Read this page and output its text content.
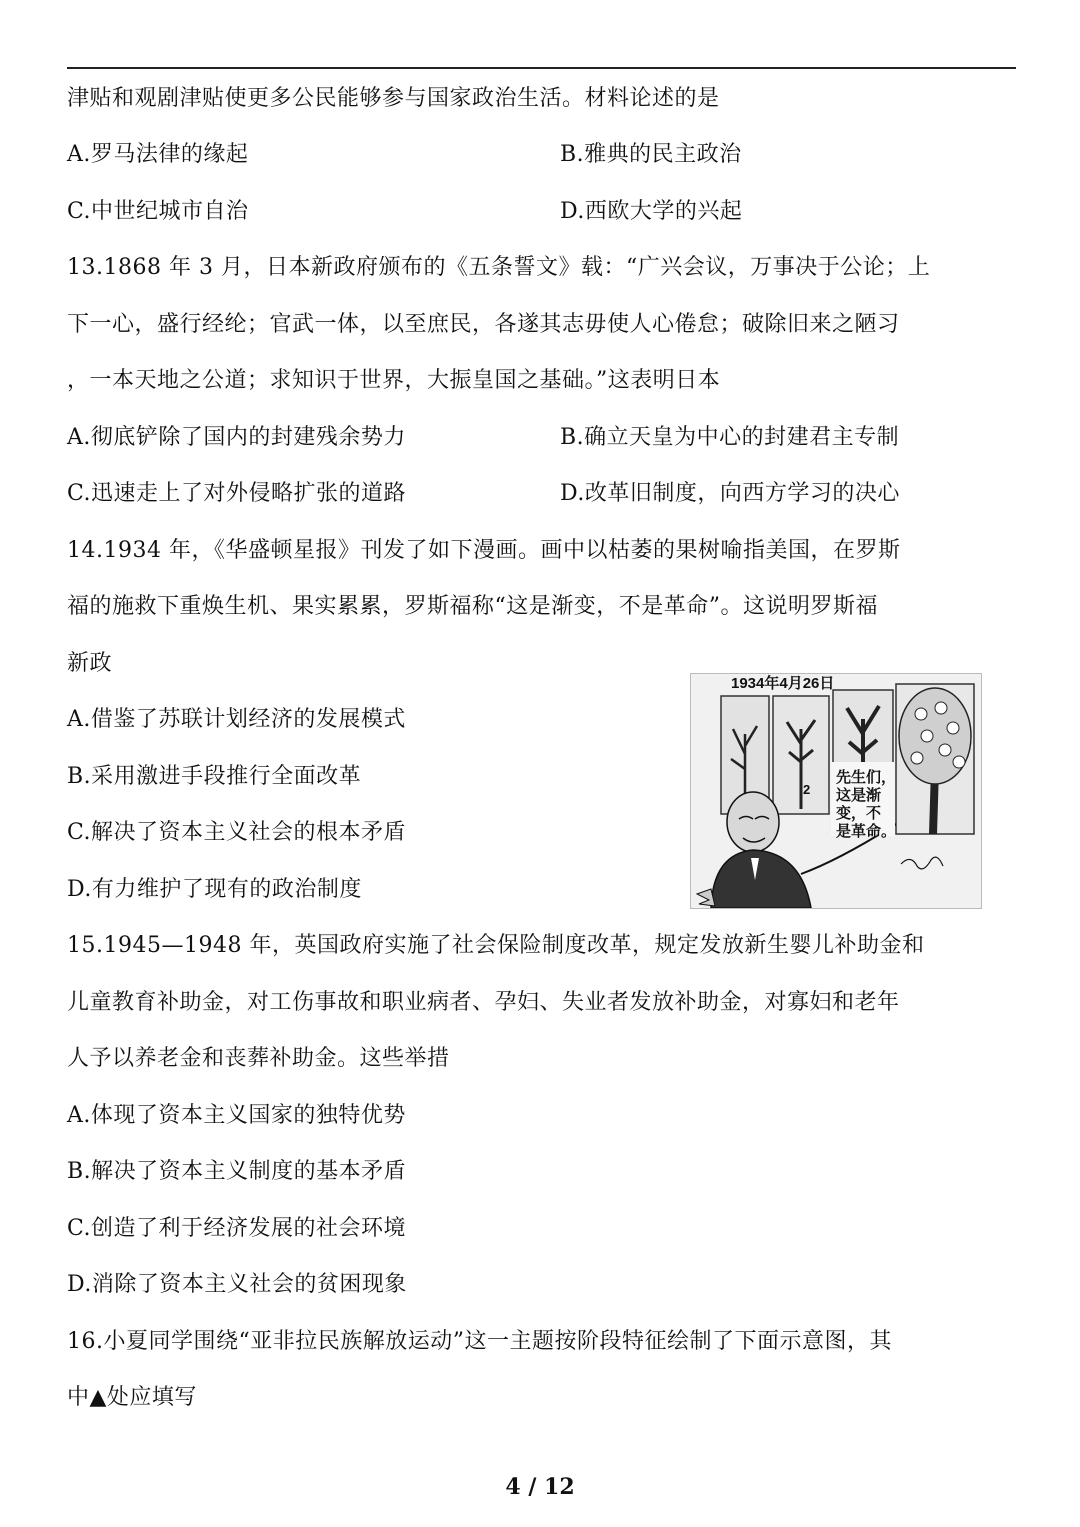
津贴和观剧津贴使更多公民能够参与国家政治生活。材料论述的是
A.罗马法律的缘起	B.雅典的民主政治
C.中世纪城市自治	D.西欧大学的兴起
13.1868 年 3 月，日本新政府颁布的《五条誓文》载：“广兴会议，万事决于公论；上
下一心，盛行经纶；官武一体，以至庶民，各遂其志毋使人心倦怠；破除旧来之陋习
，一本天地之公道；求知识于世界，大振皇国之基础。”这表明日本
A.彻底铲除了国内的封建残余势力	B.确立天皇为中心的封建君主专制
C.迅速走上了对外侵略扩张的道路	D.改革旧制度，向西方学习的决心
14.1934 年，《华盛顿星报》刊发了如下漫画。画中以枯萎的果树喻指美国，在罗斯
福的施救下重焕生机、果实累累，罗斯福称“这是渐变，不是革命”。这说明罗斯福
新政
A.借鉴了苏联计划经济的发展模式
B.采用激进手段推行全面改革
C.解决了资本主义社会的根本矛盾
D.有力维护了现有的政治制度
1934年4月26日
2
先生们，
这是渐
变，不
是革命。
15.1945—1948 年，英国政府实施了社会保险制度改革，规定发放新生婴儿补助金和
儿童教育补助金，对工伤事故和职业病者、孕妇、失业者发放补助金，对寡妇和老年
人予以养老金和丧葬补助金。这些举措
A.体现了资本主义国家的独特优势
B.解决了资本主义制度的基本矛盾
C.创造了利于经济发展的社会环境
D.消除了资本主义社会的贫困现象
16.小夏同学围绕“亚非拉民族解放运动”这一主题按阶段特征绘制了下面示意图，其
中▲处应填写
4 / 12
